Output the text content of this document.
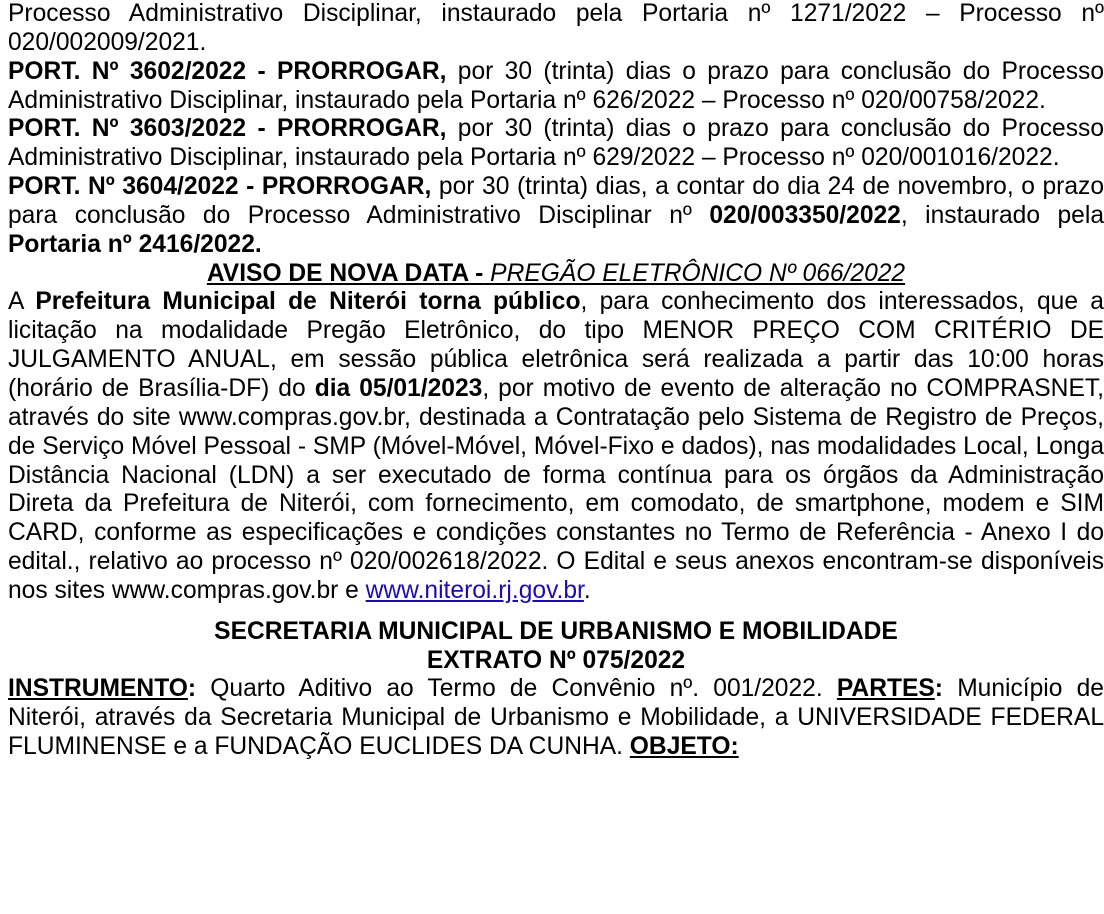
Processo Administrativo Disciplinar, instaurado pela Portaria nº 1271/2022 – Processo nº 020/002009/2021.

PORT. Nº 3602/2022 - PRORROGAR, por 30 (trinta) dias o prazo para conclusão do Processo Administrativo Disciplinar, instaurado pela Portaria nº 626/2022 – Processo nº 020/00758/2022.

PORT. Nº 3603/2022 - PRORROGAR, por 30 (trinta) dias o prazo para conclusão do Processo Administrativo Disciplinar, instaurado pela Portaria nº 629/2022 – Processo nº 020/001016/2022.

PORT. Nº 3604/2022 - PRORROGAR, por 30 (trinta) dias, a contar do dia 24 de novembro, o prazo para conclusão do Processo Administrativo Disciplinar nº 020/003350/2022, instaurado pela Portaria nº 2416/2022.

AVISO DE NOVA DATA - PREGÃO ELETRÔNICO Nº 066/2022

A Prefeitura Municipal de Niterói torna público, para conhecimento dos interessados, que a licitação na modalidade Pregão Eletrônico, do tipo MENOR PREÇO COM CRITÉRIO DE JULGAMENTO ANUAL, em sessão pública eletrônica será realizada a partir das 10:00 horas (horário de Brasília-DF) do dia 05/01/2023, por motivo de evento de alteração no COMPRASNET, através do site www.compras.gov.br, destinada a Contratação pelo Sistema de Registro de Preços, de Serviço Móvel Pessoal - SMP (Móvel-Móvel, Móvel-Fixo e dados), nas modalidades Local, Longa Distância Nacional (LDN) a ser executado de forma contínua para os órgãos da Administração Direta da Prefeitura de Niterói, com fornecimento, em comodato, de smartphone, modem e SIM CARD, conforme as especificações e condições constantes no Termo de Referência - Anexo I do edital., relativo ao processo nº 020/002618/2022. O Edital e seus anexos encontram-se disponíveis nos sites www.compras.gov.br e www.niteroi.rj.gov.br.

SECRETARIA MUNICIPAL DE URBANISMO E MOBILIDADE

EXTRATO Nº 075/2022

INSTRUMENTO: Quarto Aditivo ao Termo de Convênio nº. 001/2022. PARTES: Município de Niterói, através da Secretaria Municipal de Urbanismo e Mobilidade, a UNIVERSIDADE FEDERAL FLUMINENSE e a FUNDAÇÃO EUCLIDES DA CUNHA. OBJETO:
